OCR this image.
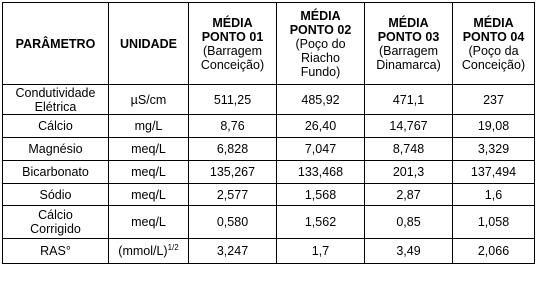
PARÂMETRO	UNIDADE	MÉDIA
PONTO 01
(Barragem
Conceição)	MÉDIA
PONTO 02
(Poço do
Riacho
Fundo)	MÉDIA
PONTO 03
(Barragem
Dinamarca)	MÉDIA
PONTO 04
(Poço da
Conceição)

Condutividade
Elétrica	µS/cm	511,25	485,92	471,1	237
Cálcio	mg/L	8,76	26,40	14,767	19,08
Magnésio	meq/L	6,828	7,047	8,748	3,329
Bicarbonato	meq/L	135,267	133,468	201,3	137,494
Sódio	meq/L	2,577	1,568	2,87	1,6

Cálcio
Corrigido	meq/L	0,580	1,562	0,85	1,058
RAS°	(mmol/L)$^{1/2}$	3,247	1,7	3,49	2,066
